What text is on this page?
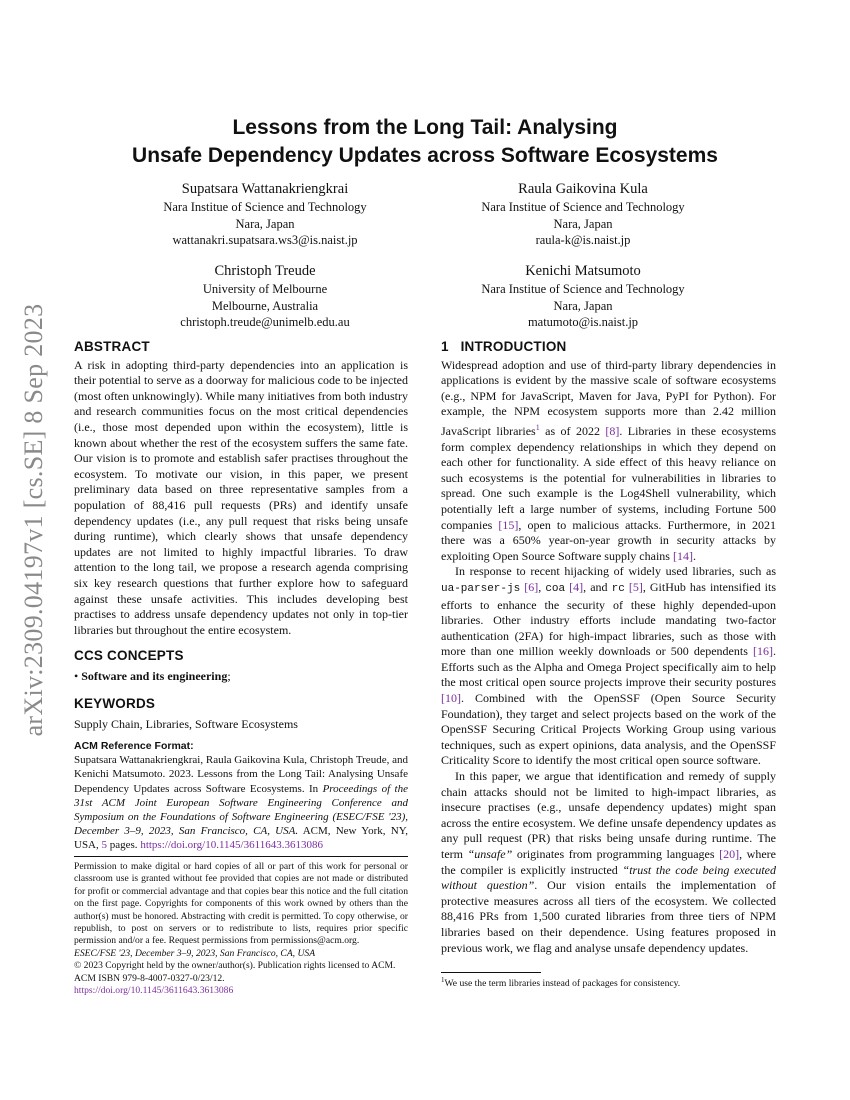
arXiv:2309.04197v1 [cs.SE] 8 Sep 2023
Lessons from the Long Tail: Analysing
Unsafe Dependency Updates across Software Ecosystems
Supatsara Wattanakriengkrai
Nara Institue of Science and Technology
Nara, Japan
wattanakri.supatsara.ws3@is.naist.jp
Raula Gaikovina Kula
Nara Institue of Science and Technology
Nara, Japan
raula-k@is.naist.jp
Christoph Treude
University of Melbourne
Melbourne, Australia
christoph.treude@unimelb.edu.au
Kenichi Matsumoto
Nara Institue of Science and Technology
Nara, Japan
matumoto@is.naist.jp
ABSTRACT

A risk in adopting third-party dependencies into an application is their potential to serve as a doorway for malicious code to be injected (most often unknowingly). While many initiatives from both industry and research communities focus on the most critical dependencies (i.e., those most depended upon within the ecosystem), little is known about whether the rest of the ecosystem suffers the same fate. Our vision is to promote and establish safer practises throughout the ecosystem. To motivate our vision, in this paper, we present preliminary data based on three representative samples from a population of 88,416 pull requests (PRs) and identify unsafe dependency updates (i.e., any pull request that risks being unsafe during runtime), which clearly shows that unsafe dependency updates are not limited to highly impactful libraries. To draw attention to the long tail, we propose a research agenda comprising six key research questions that further explore how to safeguard against these unsafe activities. This includes developing best practises to address unsafe dependency updates not only in top-tier libraries but throughout the entire ecosystem.

CCS CONCEPTS

• Software and its engineering;

KEYWORDS

Supply Chain, Libraries, Software Ecosystems

ACM Reference Format:

Supatsara Wattanakriengkrai, Raula Gaikovina Kula, Christoph Treude, and Kenichi Matsumoto. 2023. Lessons from the Long Tail: Analysing Unsafe Dependency Updates across Software Ecosystems. In Proceedings of the 31st ACM Joint European Software Engineering Conference and Symposium on the Foundations of Software Engineering (ESEC/FSE '23), December 3–9, 2023, San Francisco, CA, USA. ACM, New York, NY, USA, 5 pages. https://doi.org/10.1145/3611643.3613086

Permission to make digital or hard copies of all or part of this work for personal or classroom use is granted without fee provided that copies are not made or distributed for profit or commercial advantage and that copies bear this notice and the full citation on the first page. Copyrights for components of this work owned by others than the author(s) must be honored. Abstracting with credit is permitted. To copy otherwise, or republish, to post on servers or to redistribute to lists, requires prior specific permission and/or a fee. Request permissions from permissions@acm.org.

ESEC/FSE '23, December 3–9, 2023, San Francisco, CA, USA

© 2023 Copyright held by the owner/author(s). Publication rights licensed to ACM.

ACM ISBN 979-8-4007-0327-0/23/12.

https://doi.org/10.1145/3611643.3613086

1 INTRODUCTION

Widespread adoption and use of third-party library dependencies in applications is evident by the massive scale of software ecosystems (e.g., NPM for JavaScript, Maven for Java, PyPI for Python). For example, the NPM ecosystem supports more than 2.42 million JavaScript libraries$^1$ as of 2022 [8]. Libraries in these ecosystems form complex dependency relationships in which they depend on each other for functionality. A side effect of this heavy reliance on such ecosystems is the potential for vulnerabilities in libraries to spread. One such example is the Log4Shell vulnerability, which potentially left a large number of systems, including Fortune 500 companies [15], open to malicious attacks. Furthermore, in 2021 there was a 650% year-on-year growth in security attacks by exploiting Open Source Software supply chains [14].

In response to recent hijacking of widely used libraries, such as ua-parser-js [6], coa [4], and rc [5], GitHub has intensified its efforts to enhance the security of these highly depended-upon libraries. Other industry efforts include mandating two-factor authentication (2FA) for high-impact libraries, such as those with more than one million weekly downloads or 500 dependents [16]. Efforts such as the Alpha and Omega Project specifically aim to help the most critical open source projects improve their security postures [10]. Combined with the OpenSSF (Open Source Security Foundation), they target and select projects based on the work of the OpenSSF Securing Critical Projects Working Group using various techniques, such as expert opinions, data analysis, and the OpenSSF Criticality Score to identify the most critical open source software.

In this paper, we argue that identification and remedy of supply chain attacks should not be limited to high-impact libraries, as insecure practises (e.g., unsafe dependency updates) might span across the entire ecosystem. We define unsafe dependency updates as any pull request (PR) that risks being unsafe during runtime. The term “unsafe” originates from programming languages [20], where the compiler is explicitly instructed “trust the code being executed without question”. Our vision entails the implementation of protective measures across all tiers of the ecosystem. We collected 88,416 PRs from 1,500 curated libraries from three tiers of NPM libraries based on their dependence. Using features proposed in previous work, we flag and analyse unsafe dependency updates.

$^1$We use the term libraries instead of packages for consistency.
